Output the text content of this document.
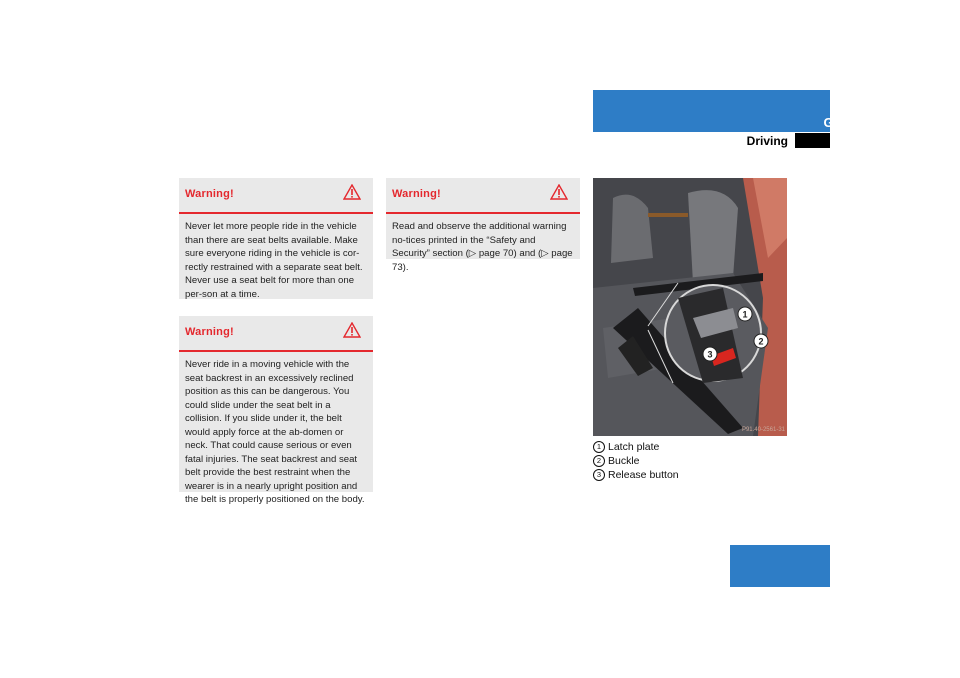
Getting started
Driving
Warning!
Never let more people ride in the vehicle than there are seat belts available. Make sure everyone riding in the vehicle is cor-rectly restrained with a separate seat belt. Never use a seat belt for more than one per-son at a time.
Warning!
Never ride in a moving vehicle with the seat backrest in an excessively reclined position as this can be dangerous. You could slide under the seat belt in a collision. If you slide under it, the belt would apply force at the ab-domen or neck. That could cause serious or even fatal injuries. The seat backrest and seat belt provide the best restraint when the wearer is in a nearly upright position and the belt is properly positioned on the body.
Warning!
Read and observe the additional warning no-tices printed in the “Safety and Security” section (▷ page 70) and (▷ page 73).
1
2
3
P91.40-2561-31
1 Latch plate
2 Buckle
3 Release button
47
